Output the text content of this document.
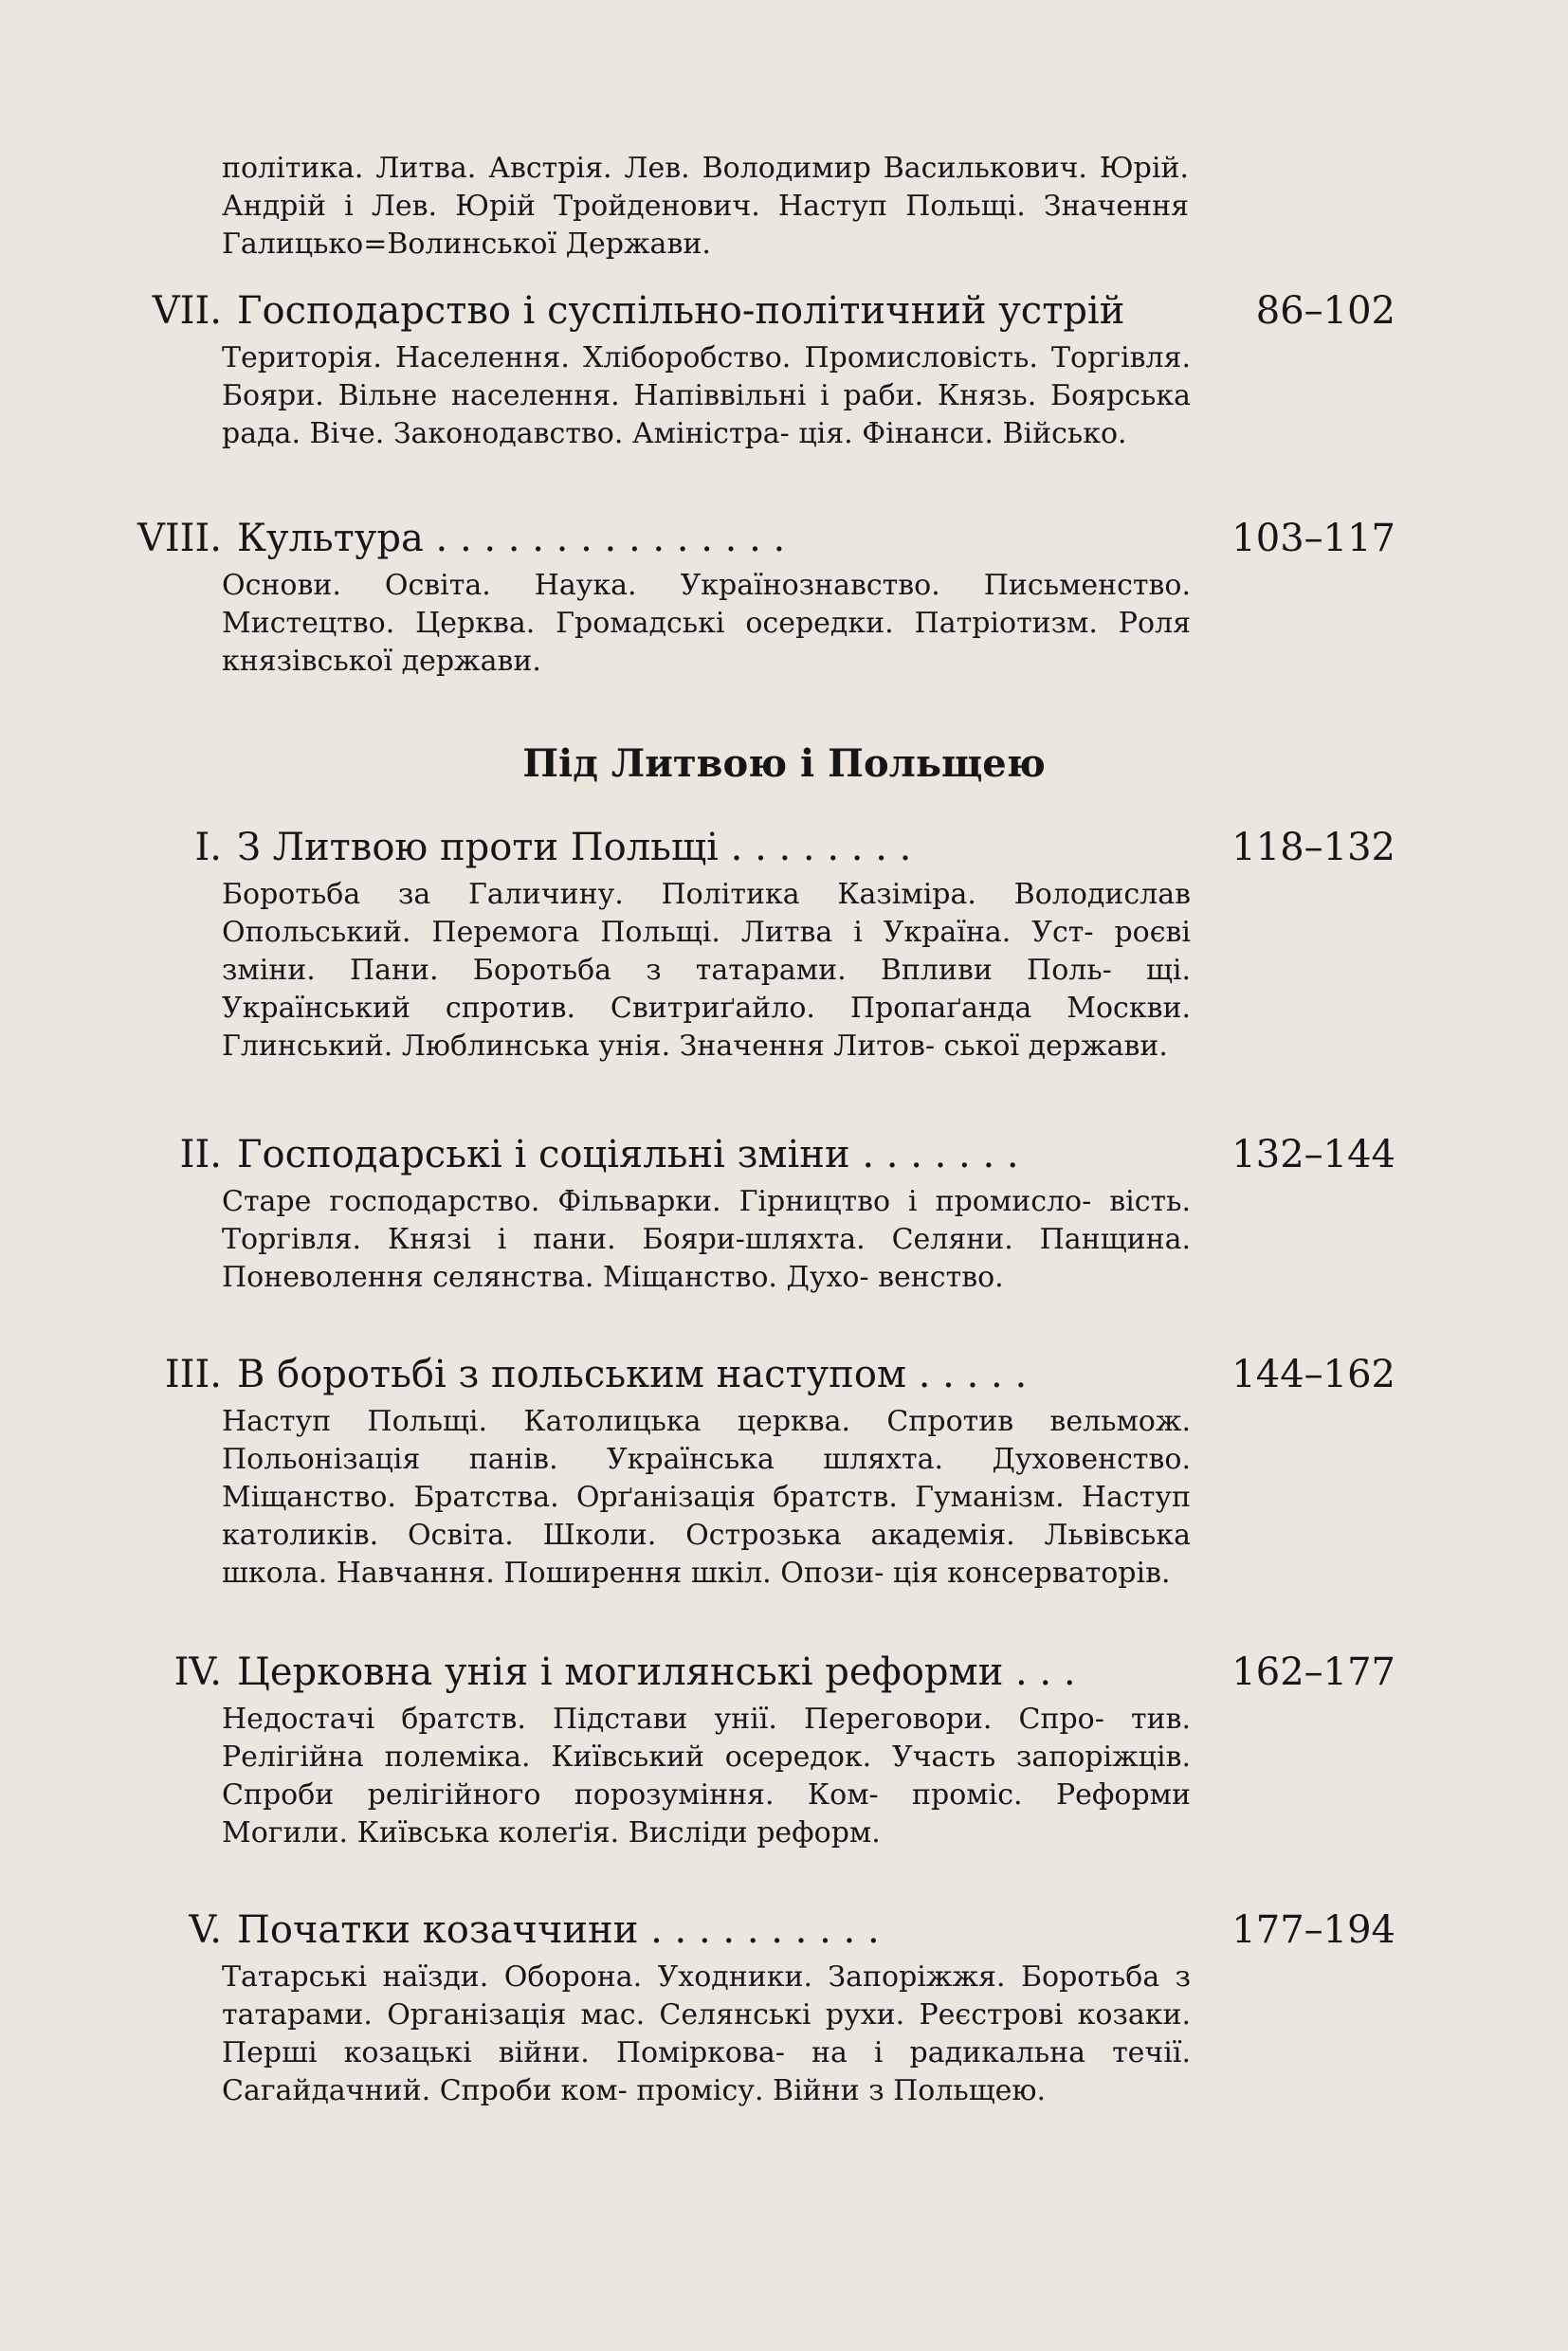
політика. Литва. Австрія. Лев. Володимир Василькович. Юрій. Андрій і Лев. Юрій Тройденович. Наступ Польщі. Значення Галицько=Волинської Держави.
VII. Господарство і суспільно-політичний устрій	86–102
Територія. Населення. Хліборобство. Промисловість. Торгівля. Бояри. Вільне населення. Напіввільні і раби. Князь. Боярська рада. Віче. Законодавство. Аміністра- ція. Фінанси. Військо.
VIII. Культура . . . . . . . . . . . . . . .	103–117
Основи. Освіта. Наука. Українознавство. Письменство. Мистецтво. Церква. Громадські осередки. Патріотизм. Роля князівської держави.
Під Литвою і Польщею
I. З Литвою проти Польщі . . . . . . . .	118–132
Боротьба за Галичину. Політика Казіміра. Володислав Опольський. Перемога Польщі. Литва і Україна. Уст- роєві зміни. Пани. Боротьба з татарами. Впливи Поль- щі. Український спротив. Свитриґайло. Пропаґанда Москви. Глинський. Люблинська унія. Значення Литов- ської держави.
II. Господарські і соціяльні зміни . . . . . . .	132–144
Старе господарство. Фільварки. Гірництво і промисло- вість. Торгівля. Князі і пани. Бояри-шляхта. Селяни. Панщина. Поневолення селянства. Міщанство. Духо- венство.
III. В боротьбі з польським наступом . . . . .	144–162
Наступ Польщі. Католицька церква. Спротив вельмож. Польонізація панів. Українська шляхта. Духовенство. Міщанство. Братства. Орґанізація братств. Гуманізм. Наступ католиків. Освіта. Школи. Острозька академія. Львівська школа. Навчання. Поширення шкіл. Опози- ція консерваторів.
IV. Церковна унія і могилянські реформи . . .	162–177
Недостачі братств. Підстави унії. Переговори. Спро- тив. Релігійна полеміка. Київський осередок. Участь запоріжців. Спроби релігійного порозуміння. Ком- проміс. Реформи Могили. Київська колеґія. Висліди реформ.
V. Початки козаччини . . . . . . . . . .	177–194
Татарські наїзди. Оборона. Уходники. Запоріжжя. Боротьба з татарами. Організація мас. Селянські рухи. Реєстрові козаки. Перші козацькі війни. Поміркова- на і радикальна течії. Сагайдачний. Спроби ком- промісу. Війни з Польщею.
